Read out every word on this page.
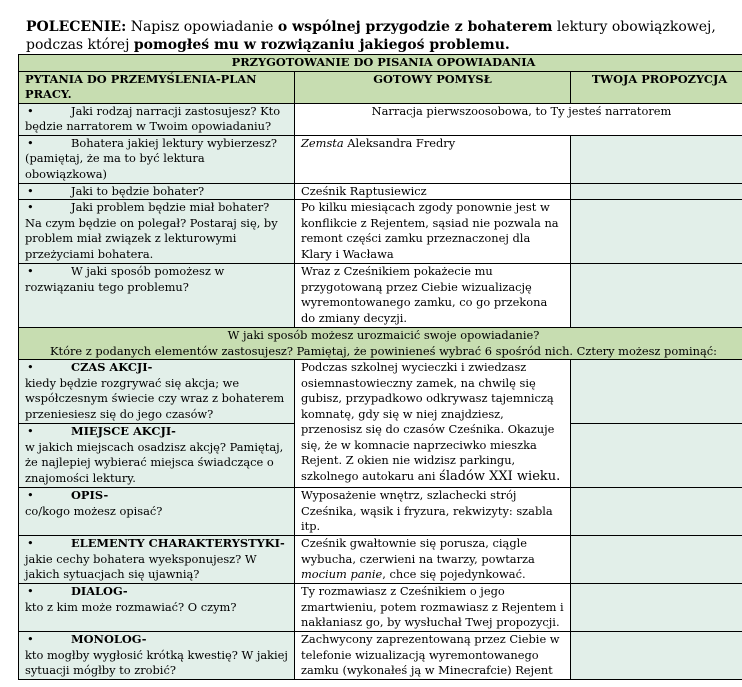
POLECENIE: Napisz opowiadanie o wspólnej przygodzie z bohaterem lektury obowiązkowej, podczas której pomogłeś mu w rozwiązaniu jakiegoś problemu.
PRZYGOTOWANIE DO PISANIA OPOWIADANIA		
PYTANIA DO PRZEMYŚLENIA-PLAN PRACY.	GOTOWY POMYSŁ	TWOJA PROPOZYCJA
• Jaki rodzaj narracji zastosujesz? Kto
będzie narratorem w Twoim opowiadaniu?	Narracja pierwszoosobowa, to Ty jesteś narratorem	
• Bohatera jakiej lektury wybierzesz?
(pamiętaj, że ma to być lektura obowiązkowa)	Zemsta Aleksandra Fredry	
• Jaki to będzie bohater?	Cześnik Raptusiewicz	
• Jaki problem będzie miał bohater?
Na czym będzie on polegał? Postaraj się, by problem miał związek z lekturowymi przeżyciami bohatera.	Po kilku miesiącach zgody ponownie jest w konflikcie z Rejentem, sąsiad nie pozwala na remont części zamku przeznaczonej dla Klary i Wacława	
• W jaki sposób pomożesz w
rozwiązaniu tego problemu?	Wraz z Cześnikiem pokażecie mu przygotowaną przez Ciebie wizualizację wyremontowanego zamku, co go przekona do zmiany decyzji.	
W jaki sposób możesz urozmaicić swoje opowiadanie?
Które z podanych elementów zastosujesz? Pamiętaj, że powinieneś wybrać 6 spośród nich. Cztery możesz pominąć:		
• CZAS AKCJI-
kiedy będzie rozgrywać się akcja; we współczesnym świecie czy wraz z bohaterem przeniesiesz się do jego czasów?	Podczas szkolnej wycieczki i zwiedzasz osiemnastowieczny zamek, na chwilę się gubisz, przypadkowo odkrywasz tajemniczą komnatę, gdy się w niej znajdziesz, przenosisz się do czasów Cześnika. Okazuje się, że w komnacie naprzeciwko mieszka Rejent. Z okien nie widzisz parkingu, szkolnego autokaru ani śladów XXI wieku.	
• MIEJSCE AKCJI-
w jakich miejscach osadzisz akcję? Pamiętaj, że najlepiej wybierać miejsca świadczące o znajomości lektury.		
• OPIS-
co/kogo możesz opisać?	Wyposażenie wnętrz, szlachecki strój Cześnika, wąsik i fryzura, rekwizyty: szabla itp.	
• ELEMENTY CHARAKTERYSTYKI-
jakie cechy bohatera wyeksponujesz? W jakich sytuacjach się ujawnią?	Cześnik gwałtownie się porusza, ciągle wybucha, czerwieni na twarzy, powtarza mocium panie, chce się pojedynkować.	
• DIALOG-
kto z kim może rozmawiać? O czym?	Ty rozmawiasz z Cześnikiem o jego zmartwieniu, potem rozmawiasz z Rejentem i nakłaniasz go, by wysłuchał Twej propozycji.	
• MONOLOG-
kto mogłby wygłosić krótką kwestię? W jakiej sytuacji mógłby to zrobić?	Zachwycony zaprezentowaną przez Ciebie w telefonie wizualizacją wyremontowanego zamku (wykonałeś ją w Minecrafcie) Rejent	
